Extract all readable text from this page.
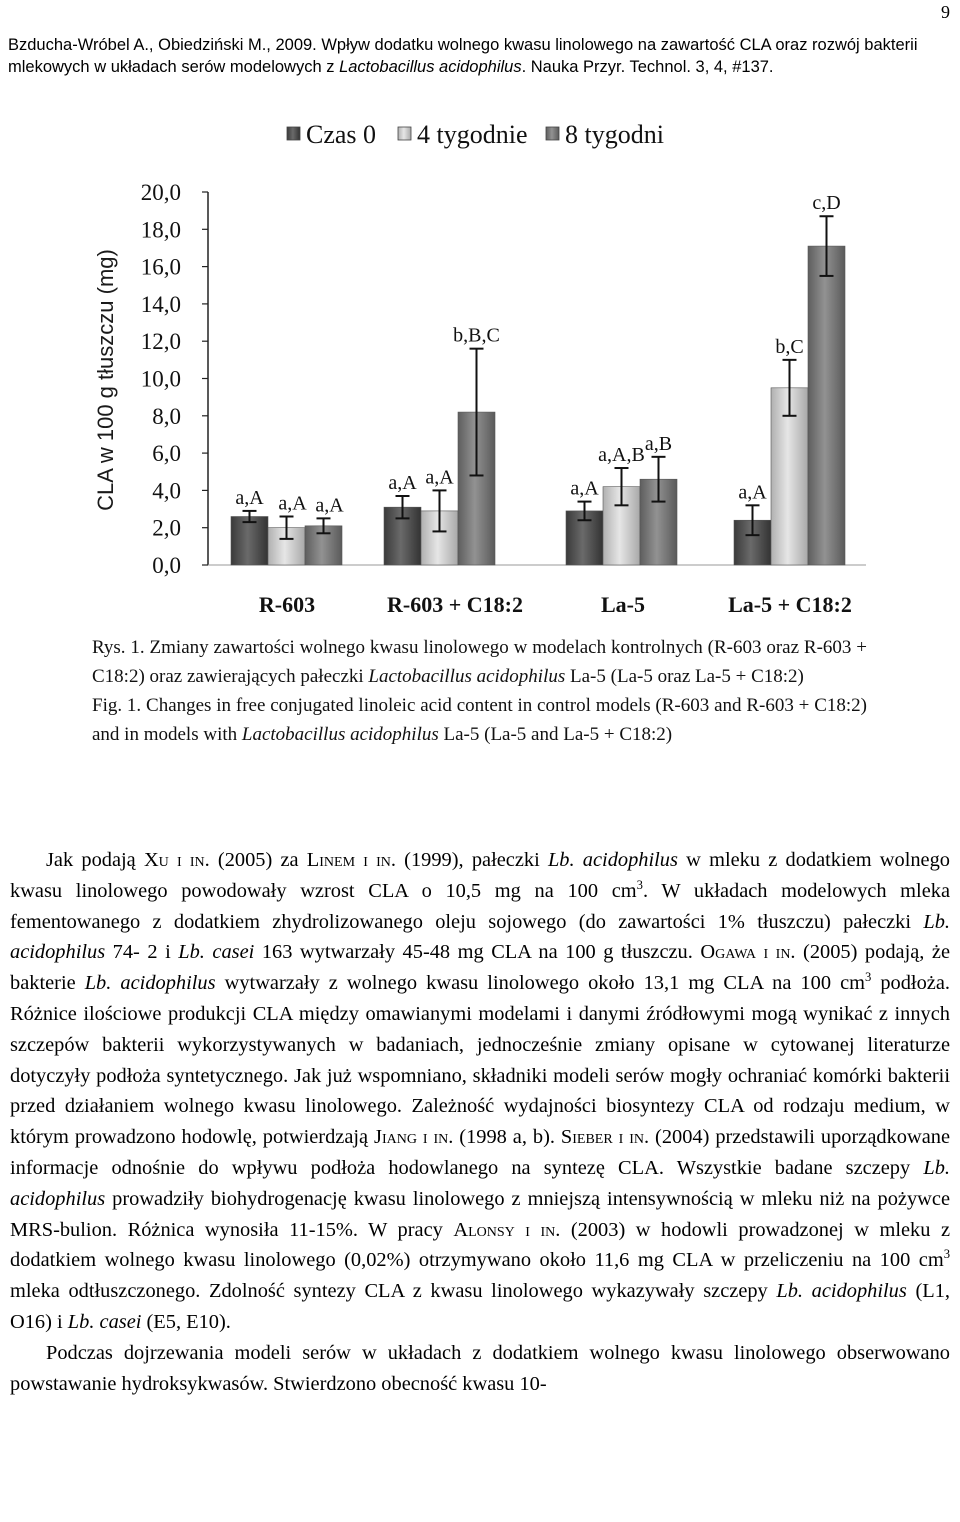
9
Bzducha-Wróbel A., Obiedziński M., 2009. Wpływ dodatku wolnego kwasu linolowego na zawartość CLA oraz rozwój bakterii mlekowych w układach serów modelowych z Lactobacillus acidophilus. Nauka Przyr. Technol. 3, 4, #137.
Czas 0 4 tygodnie 8 tygodni
CLA w 100 g tłuszczu (mg)
0,0
2,0
4,0
6,0
8,0
10,0
12,0
14,0
16,0
18,0
20,0
a,A a,A a,A
a,A a,A
b,B,C
a,A
a,A,B
a,B
a,A
b,C
c,D
R-603	R-603 + C18:2	La-5	La-5 + C18:2

Rys. 1. Zmiany zawartości wolnego kwasu linolowego w modelach kontrolnych (R-603 oraz R-603 + C18:2) oraz zawierających pałeczki Lactobacillus acidophilus La-5 (La-5 oraz La-5 + C18:2)

Fig. 1. Changes in free conjugated linoleic acid content in control models (R-603 and R-603 + C18:2) and in models with Lactobacillus acidophilus La-5 (La-5 and La-5 + C18:2)

Jak podają Xu i in. (2005) za Linem i in. (1999), pałeczki Lb. acidophilus w mleku z dodatkiem wolnego kwasu linolowego powodowały wzrost CLA o 10,5 mg na 100 $cm^3$. W układach modelowych mleka fementowanego z dodatkiem zhydrolizowanego oleju sojowego (do zawartości 1% tłuszczu) pałeczki Lb. acidophilus 74- 2 i Lb. casei 163 wytwarzały 45-48 mg CLA na 100 g tłuszczu. Ogawa i in. (2005) podają, że bakterie Lb. acidophilus wytwarzały z wolnego kwasu linolowego około 13,1 mg CLA na 100 $cm^3$ podłoża. Różnice ilościowe produkcji CLA między omawianymi modelami i danymi źródłowymi mogą wynikać z innych szczepów bakterii wykorzystywanych w badaniach, jednocześnie zmiany opisane w cytowanej literaturze dotyczyły podłoża syntetycznego. Jak już wspomniano, składniki modeli serów mogły ochraniać komórki bakterii przed działaniem wolnego kwasu linolowego. Zależność wydajności biosyntezy CLA od rodzaju medium, w którym prowadzono hodowlę, potwierdzają Jiang i in. (1998 a, b). Sieber i in. (2004) przedstawili uporządkowane informacje odnośnie do wpływu podłoża hodowlanego na syntezę CLA. Wszystkie badane szczepy Lb. acidophilus prowadziły biohydrogenację kwasu linolowego z mniejszą intensywnością w mleku niż na pożywce MRS-bulion. Różnica wynosiła 11-15%. W pracy Alonsy i in. (2003) w hodowli prowadzonej w mleku z dodatkiem wolnego kwasu linolowego (0,02%) otrzymywano około 11,6 mg CLA w przeliczeniu na 100 $cm^3$ mleka odtłuszczonego. Zdolność syntezy CLA z kwasu linolowego wykazywały szczepy Lb. acidophilus (L1, O16) i Lb. casei (E5, E10).

Podczas dojrzewania modeli serów w układach z dodatkiem wolnego kwasu linolowego obserwowano powstawanie hydroksykwasów. Stwierdzono obecność kwasu 10-
